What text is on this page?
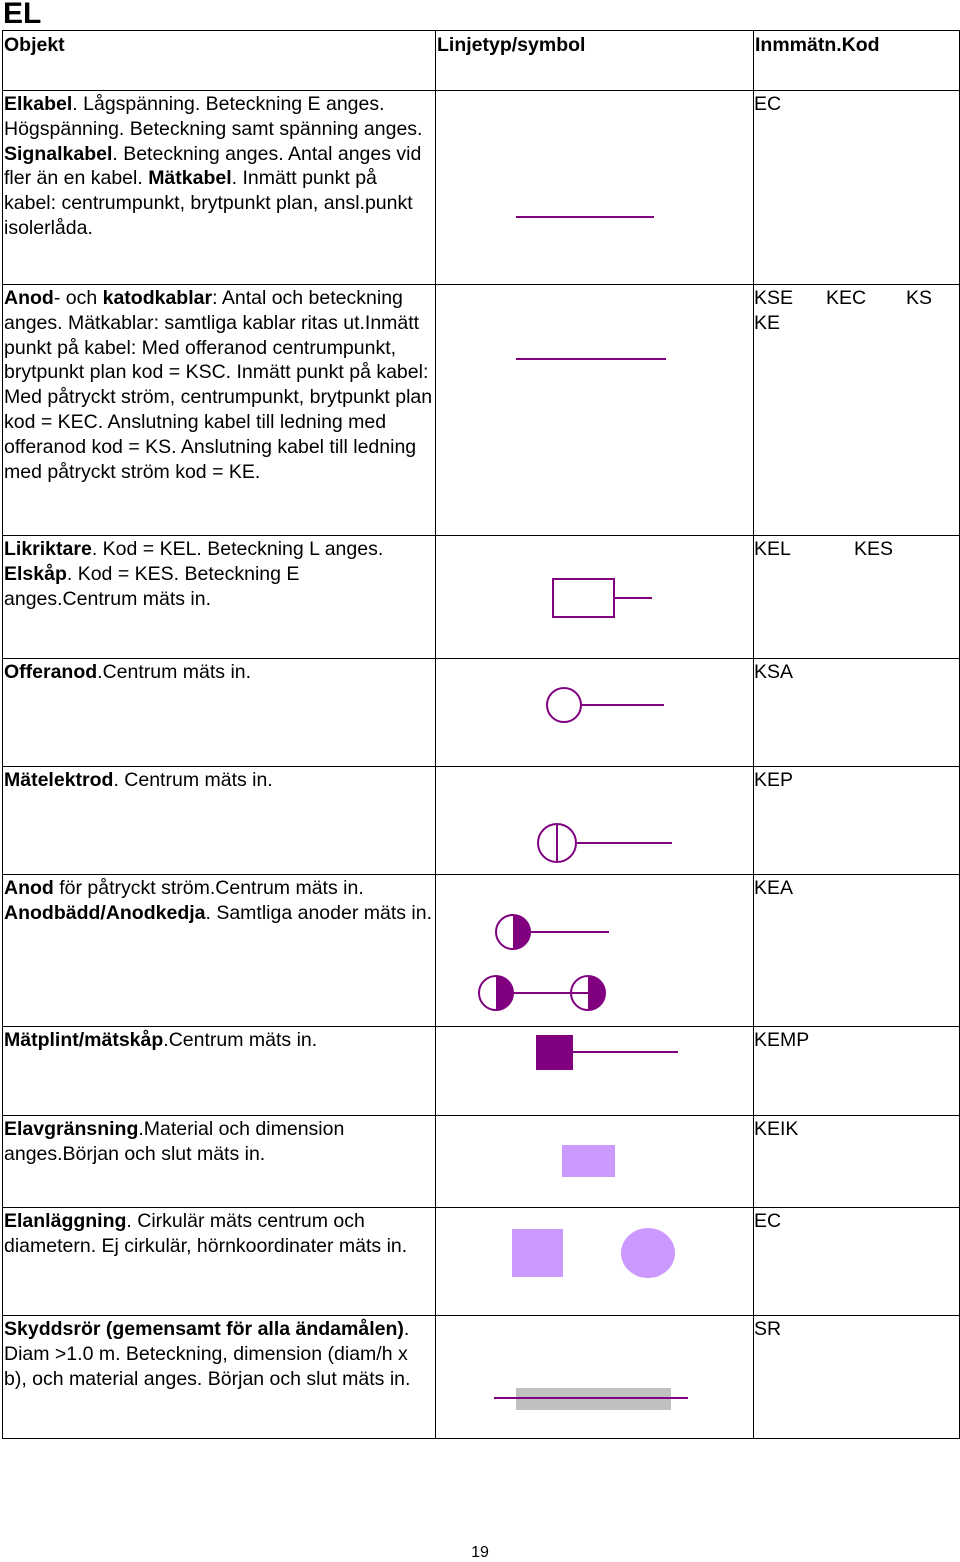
EL
Objekt	Linjetyp/symbol	Inmmätn.Kod

Elkabel. Lågspänning. Beteckning E anges. Högspänning. Beteckning samt spänning anges. Signalkabel. Beteckning anges. Antal anges vid fler än en kabel. Mätkabel. Inmätt punkt på kabel: centrumpunkt, brytpunkt plan, ansl.punkt isolerlåda.		EC

Anod- och katodkablar: Antal och beteckning anges. Mätkablar: samtliga kablar ritas ut.Inmätt punkt på kabel: Med offeranod centrumpunkt, brytpunkt plan kod = KSC. Inmätt punkt på kabel: Med påtryckt ström, centrumpunkt, brytpunkt plan kod = KEC. Anslutning kabel till ledning med offeranod kod = KS. Anslutning kabel till ledning med påtryckt ström kod = KE.		KSE KEC KS
KE

Likriktare. Kod = KEL. Beteckning L anges. Elskåp. Kod = KES. Beteckning E anges.Centrum mäts in.		KEL KES

Offeranod.Centrum mäts in.		KSA

Mätelektrod. Centrum mäts in.		KEP

Anod för påtryckt ström.Centrum mäts in. Anodbädd/Anodkedja. Samtliga anoder mäts in.		KEA

Mätplint/mätskåp.Centrum mäts in.		KEMP

Elavgränsning.Material och dimension anges.Början och slut mäts in.		KEIK

Elanläggning. Cirkulär mäts centrum och diametern. Ej cirkulär, hörnkoordinater mäts in.		EC

Skyddsrör (gemensamt för alla ändamålen). Diam >1.0 m. Beteckning, dimension (diam/h x b), och material anges. Början och slut mäts in.		SR
19
